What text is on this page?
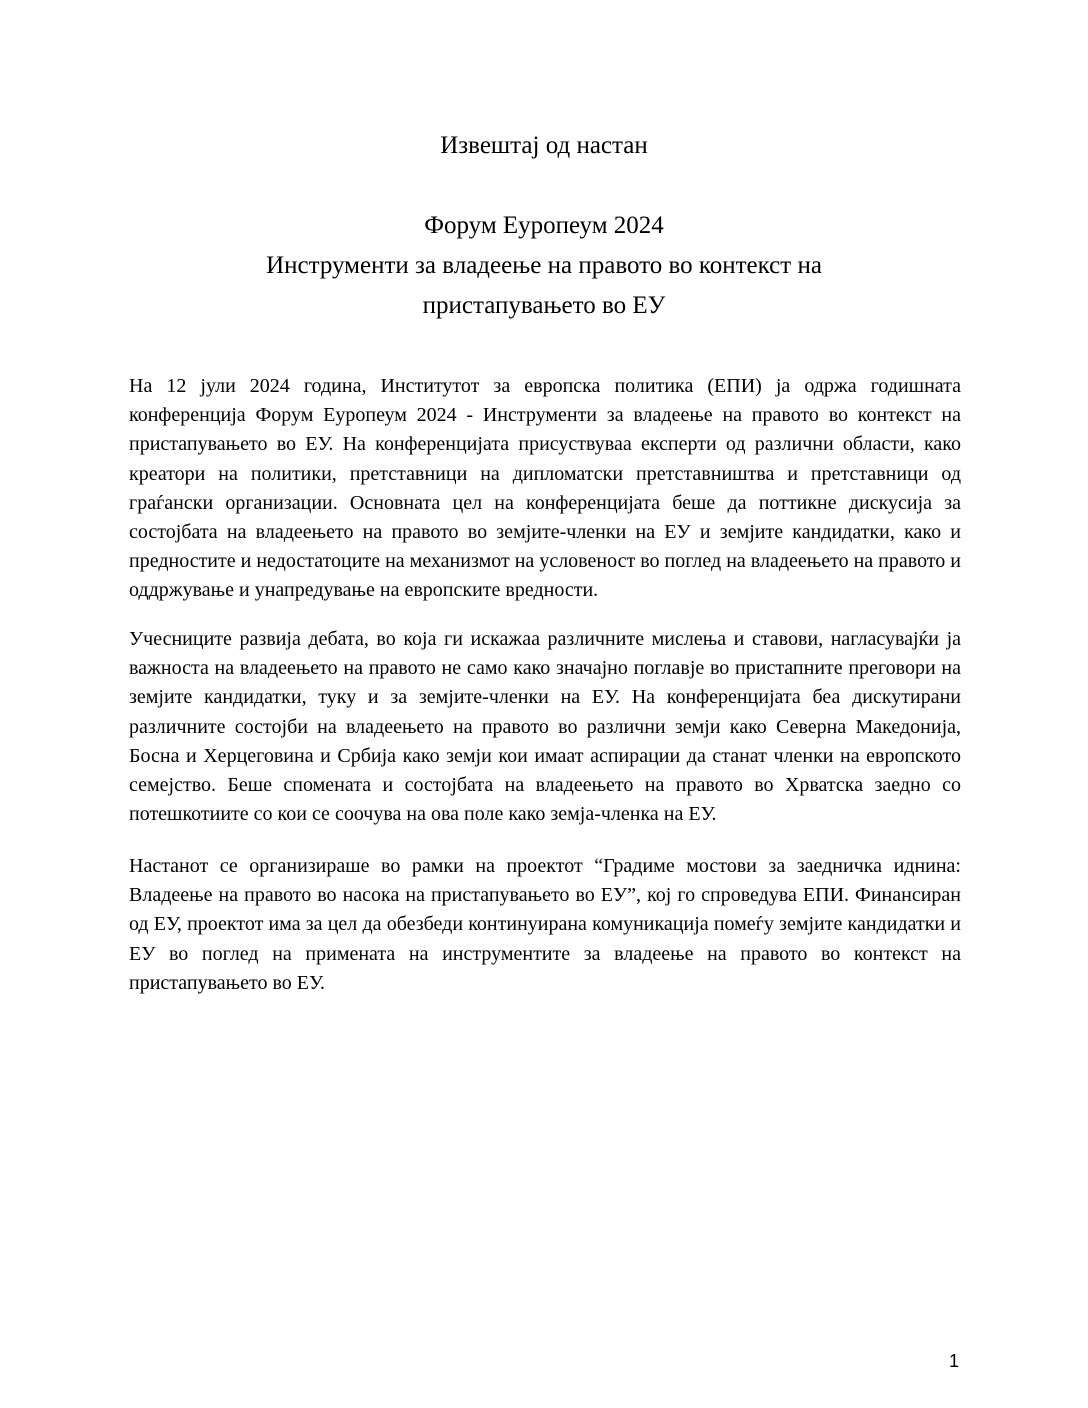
Извештај од настан
Форум Еуропеум 2024
Инструменти за владеење на правото во контекст на
пристапувањето во ЕУ

На 12 јули 2024 година, Институтот за европска политика (ЕПИ) ја одржа годишната конференција Форум Еуропеум 2024 - Инструменти за владеење на правото во контекст на пристапувањето во ЕУ. На конференцијата присуствуваа експерти од различни области, како креатори на политики, претставници на дипломатски претставништва и претставници од граѓански организации. Основната цел на конференцијата беше да поттикне дискусија за состојбата на владеењето на правото во земјите-членки на ЕУ и земјите кандидатки, како и предностите и недостатоците на механизмот на условеност во поглед на владеењето на правото и оддржување и унапредување на европските вредности.

Учесниците развија дебата, во која ги искажаа различните мислења и ставови, нагласувајќи ја важноста на владеењето на правото не само како значајно поглавје во пристапните преговори на земјите кандидатки, туку и за земјите-членки на ЕУ. На конференцијата беа дискутирани различните состојби на владеењето на правото во различни земји како Северна Македонија, Босна и Херцеговина и Србија како земји кои имаат аспирации да станат членки на европското семејство. Беше спомената и состојбата на владеењето на правото во Хрватска заедно со потешкотиите со кои се соочува на ова поле како земја-членка на ЕУ.

Настанот се организираше во рамки на проектот “Градиме мостови за заедничка иднина: Владеење на правото во насока на пристапувањето во ЕУ”, кој го спроведува ЕПИ. Финансиран од ЕУ, проектот има за цел да обезбеди континуирана комуникација помеѓу земјите кандидатки и ЕУ во поглед на примената на инструментите за владеење на правото во контекст на пристапувањето во ЕУ.

1
